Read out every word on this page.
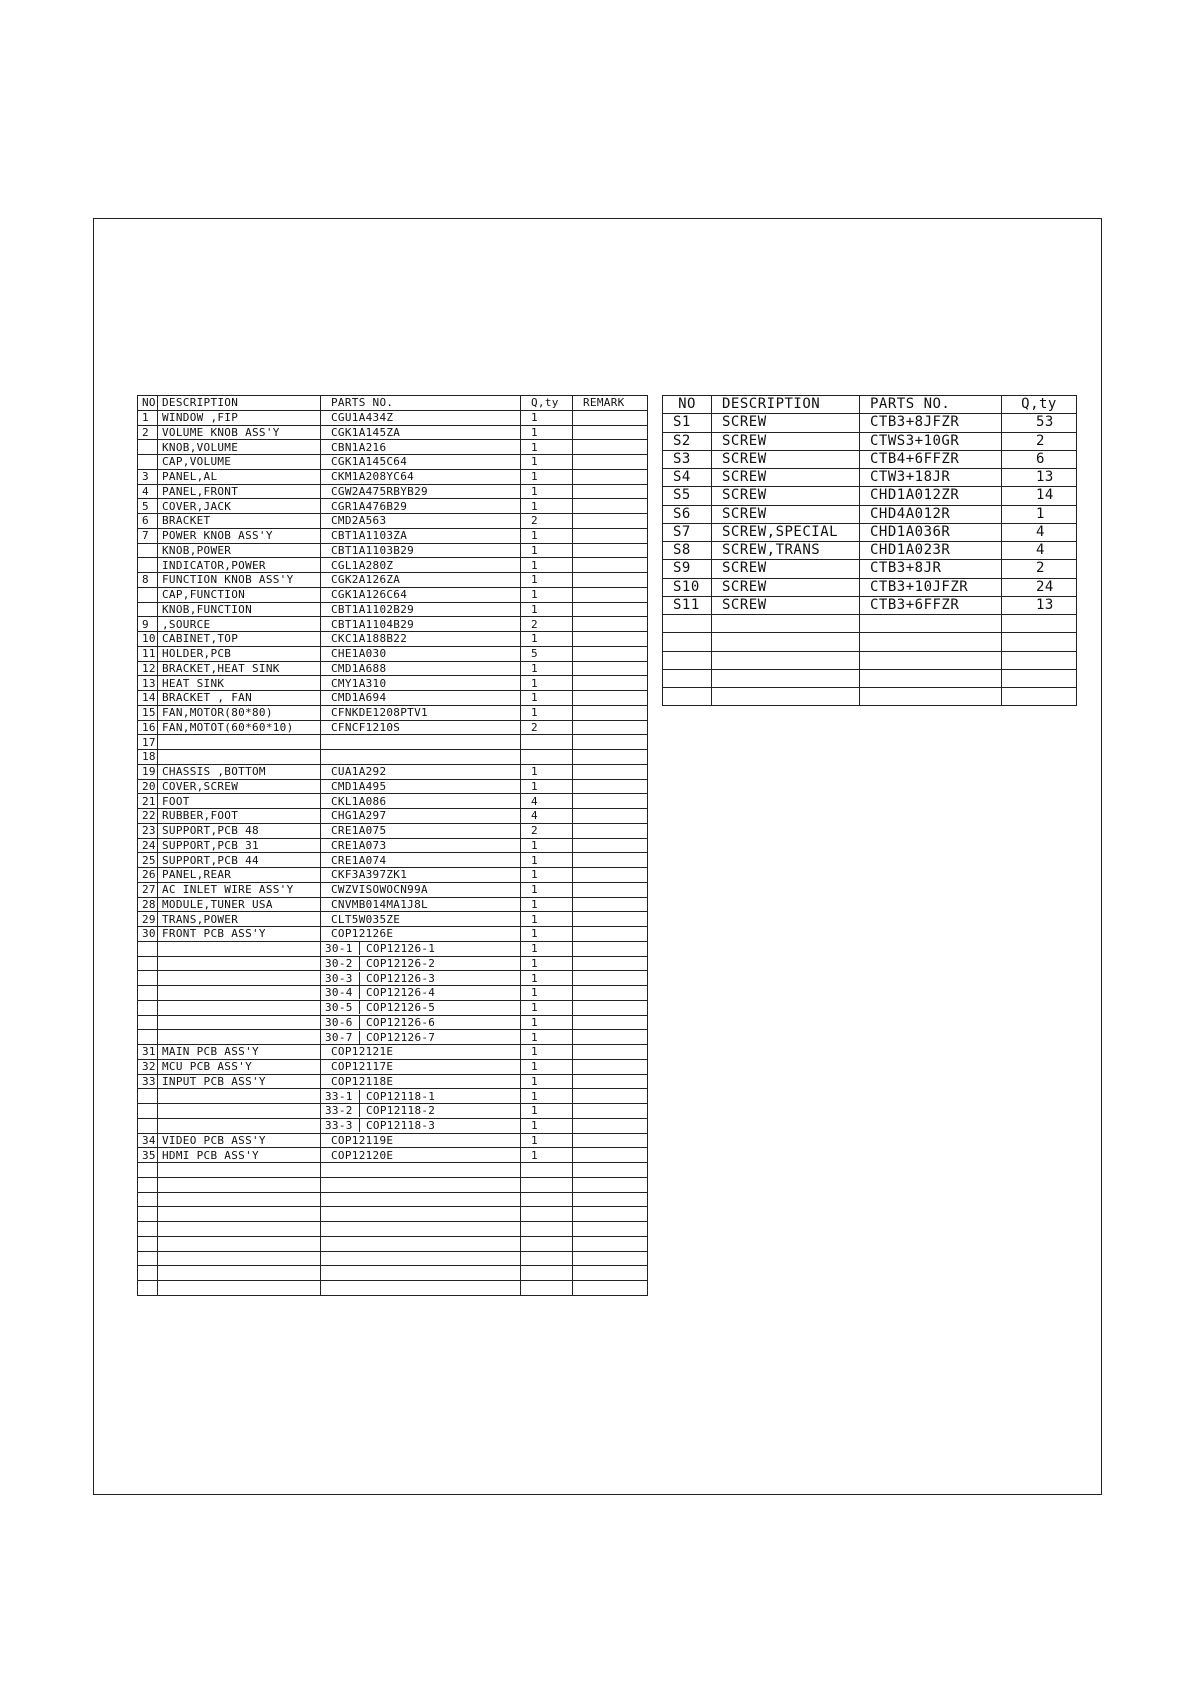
NO	DESCRIPTION	PARTS NO.	Q,ty	REMARK
1	WINDOW ,FIP	CGU1A434Z	1	
2	VOLUME KNOB ASS'Y	CGK1A145ZA	1	
	KNOB,VOLUME	CBN1A216	1	
	CAP,VOLUME	CGK1A145C64	1	
3	PANEL,AL	CKM1A208YC64	1	
4	PANEL,FRONT	CGW2A475RBYB29	1	
5	COVER,JACK	CGR1A476B29	1	
6	BRACKET	CMD2A563	2	
7	POWER KNOB ASS'Y	CBT1A1103ZA	1	
	KNOB,POWER	CBT1A1103B29	1	
	INDICATOR,POWER	CGL1A280Z	1	
8	FUNCTION KNOB ASS'Y	CGK2A126ZA	1	
	CAP,FUNCTION	CGK1A126C64	1	
	KNOB,FUNCTION	CBT1A1102B29	1	
9	,SOURCE	CBT1A1104B29	2	
10	CABINET,TOP	CKC1A188B22	1	
11	HOLDER,PCB	CHE1A030	5	
12	BRACKET,HEAT SINK	CMD1A688	1	
13	HEAT SINK	CMY1A310	1	
14	BRACKET , FAN	CMD1A694	1	
15	FAN,MOTOR(80*80)	CFNKDE1208PTV1	1	
16	FAN,MOTOT(60*60*10)	CFNCF1210S	2	
17				
18				
19	CHASSIS ,BOTTOM	CUA1A292	1	
20	COVER,SCREW	CMD1A495	1	
21	FOOT	CKL1A086	4	
22	RUBBER,FOOT	CHG1A297	4	
23	SUPPORT,PCB 48	CRE1A075	2	
24	SUPPORT,PCB 31	CRE1A073	1	
25	SUPPORT,PCB 44	CRE1A074	1	
26	PANEL,REAR	CKF3A397ZK1	1	
27	AC INLET WIRE ASS'Y	CWZVISOWOCN99A	1	
28	MODULE,TUNER USA	CNVMB014MA1J8L	1	
29	TRANS,POWER	CLT5W035ZE	1	
30	FRONT PCB ASS'Y	COP12126E	1	
		30-1 COP12126-1	1	
		30-2 COP12126-2	1	
		30-3 COP12126-3	1	
		30-4 COP12126-4	1	
		30-5 COP12126-5	1	
		30-6 COP12126-6	1	
		30-7 COP12126-7	1	
31	MAIN PCB ASS'Y	COP12121E	1	
32	MCU PCB ASS'Y	COP12117E	1	
33	INPUT PCB ASS'Y	COP12118E	1	
		33-1 COP12118-1	1	
		33-2 COP12118-2	1	
		33-3 COP12118-3	1	
34	VIDEO PCB ASS'Y	COP12119E	1	
35	HDMI PCB ASS'Y	COP12120E	1	

NO	DESCRIPTION	PARTS NO.	Q,ty
S1	SCREW	CTB3+8JFZR	53
S2	SCREW	CTWS3+10GR	2
S3	SCREW	CTB4+6FFZR	6
S4	SCREW	CTW3+18JR	13
S5	SCREW	CHD1A012ZR	14
S6	SCREW	CHD4A012R	1
S7	SCREW,SPECIAL	CHD1A036R	4
S8	SCREW,TRANS	CHD1A023R	4
S9	SCREW	CTB3+8JR	2
S10	SCREW	CTB3+10JFZR	24
S11	SCREW	CTB3+6FFZR	13
